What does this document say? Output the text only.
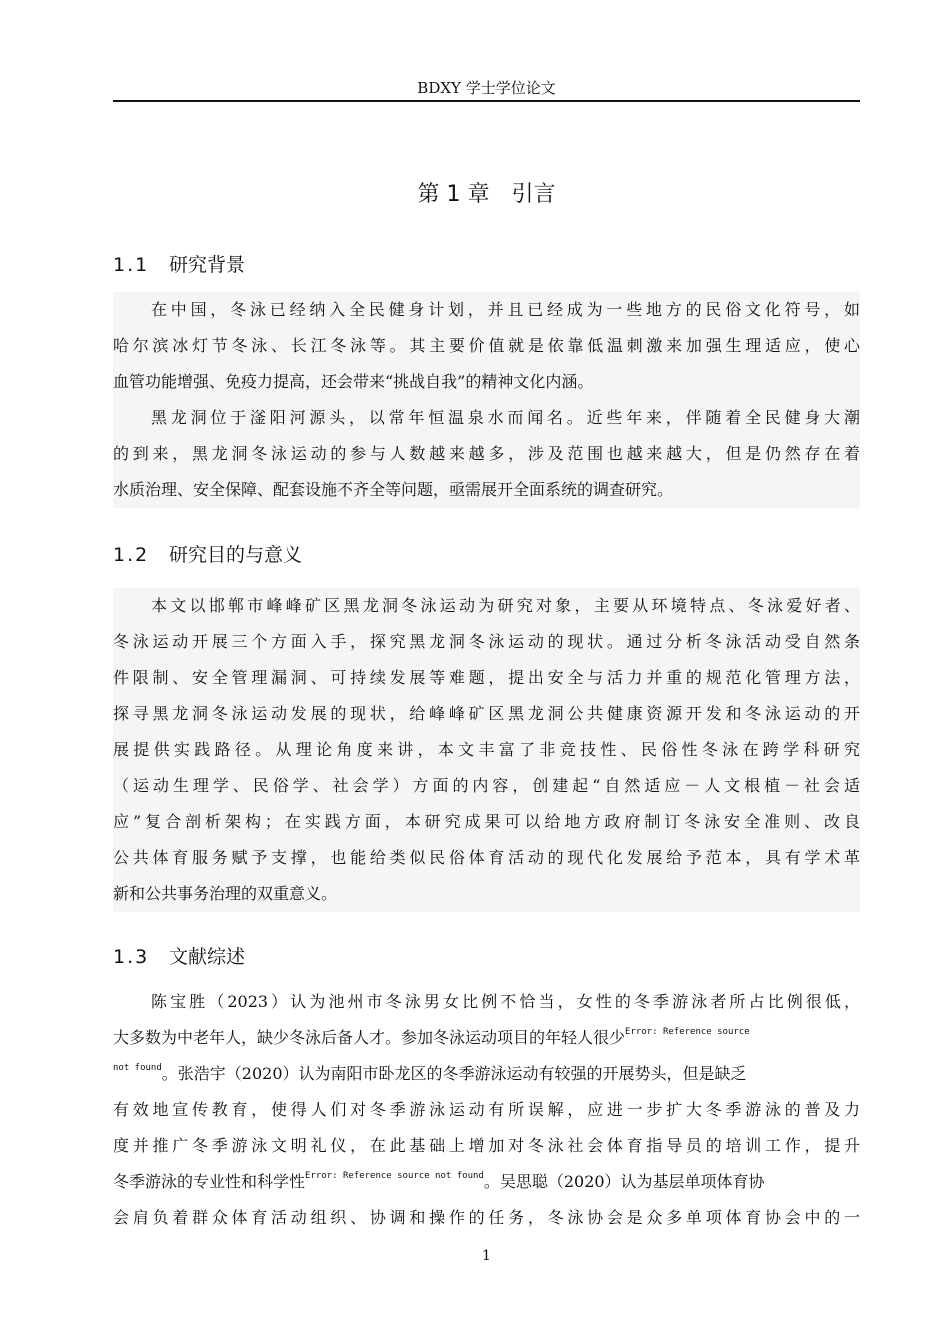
BDXY 学士学位论文
第 1 章　引言
1.1 研究背景
在中国，冬泳已经纳入全民健身计划，并且已经成为一些地方的民俗文化符号，如
哈尔滨冰灯节冬泳、长江冬泳等。其主要价值就是依靠低温刺激来加强生理适应，使心
血管功能增强、免疫力提高，还会带来“挑战自我”的精神文化内涵。
黑龙洞位于滏阳河源头，以常年恒温泉水而闻名。近些年来，伴随着全民健身大潮
的到来，黑龙洞冬泳运动的参与人数越来越多，涉及范围也越来越大，但是仍然存在着
水质治理、安全保障、配套设施不齐全等问题，亟需展开全面系统的调查研究。
1.2 研究目的与意义
本文以邯郸市峰峰矿区黑龙洞冬泳运动为研究对象，主要从环境特点、冬泳爱好者、
冬泳运动开展三个方面入手，探究黑龙洞冬泳运动的现状。通过分析冬泳活动受自然条
件限制、安全管理漏洞、可持续发展等难题，提出安全与活力并重的规范化管理方法，
探寻黑龙洞冬泳运动发展的现状，给峰峰矿区黑龙洞公共健康资源开发和冬泳运动的开
展提供实践路径。从理论角度来讲，本文丰富了非竞技性、民俗性冬泳在跨学科研究
（运动生理学、民俗学、社会学）方面的内容，创建起“自然适应－人文根植－社会适
应”复合剖析架构；在实践方面，本研究成果可以给地方政府制订冬泳安全准则、改良
公共体育服务赋予支撑，也能给类似民俗体育活动的现代化发展给予范本，具有学术革
新和公共事务治理的双重意义。
1.3 文献综述
陈宝胜（2023）认为池州市冬泳男女比例不恰当，女性的冬季游泳者所占比例很低，
大多数为中老年人，缺少冬泳后备人才。参加冬泳运动项目的年轻人很少$^{Error: Reference source}$
$^{not found}$。张浩宇（2020）认为南阳市卧龙区的冬季游泳运动有较强的开展势头，但是缺乏
有效地宣传教育，使得人们对冬季游泳运动有所误解，应进一步扩大冬季游泳的普及力
度并推广冬季游泳文明礼仪，在此基础上增加对冬泳社会体育指导员的培训工作，提升
冬季游泳的专业性和科学性$^{Error: Reference source not found}$。吴思聪（2020）认为基层单项体育协
会肩负着群众体育活动组织、协调和操作的任务，冬泳协会是众多单项体育协会中的一
1
